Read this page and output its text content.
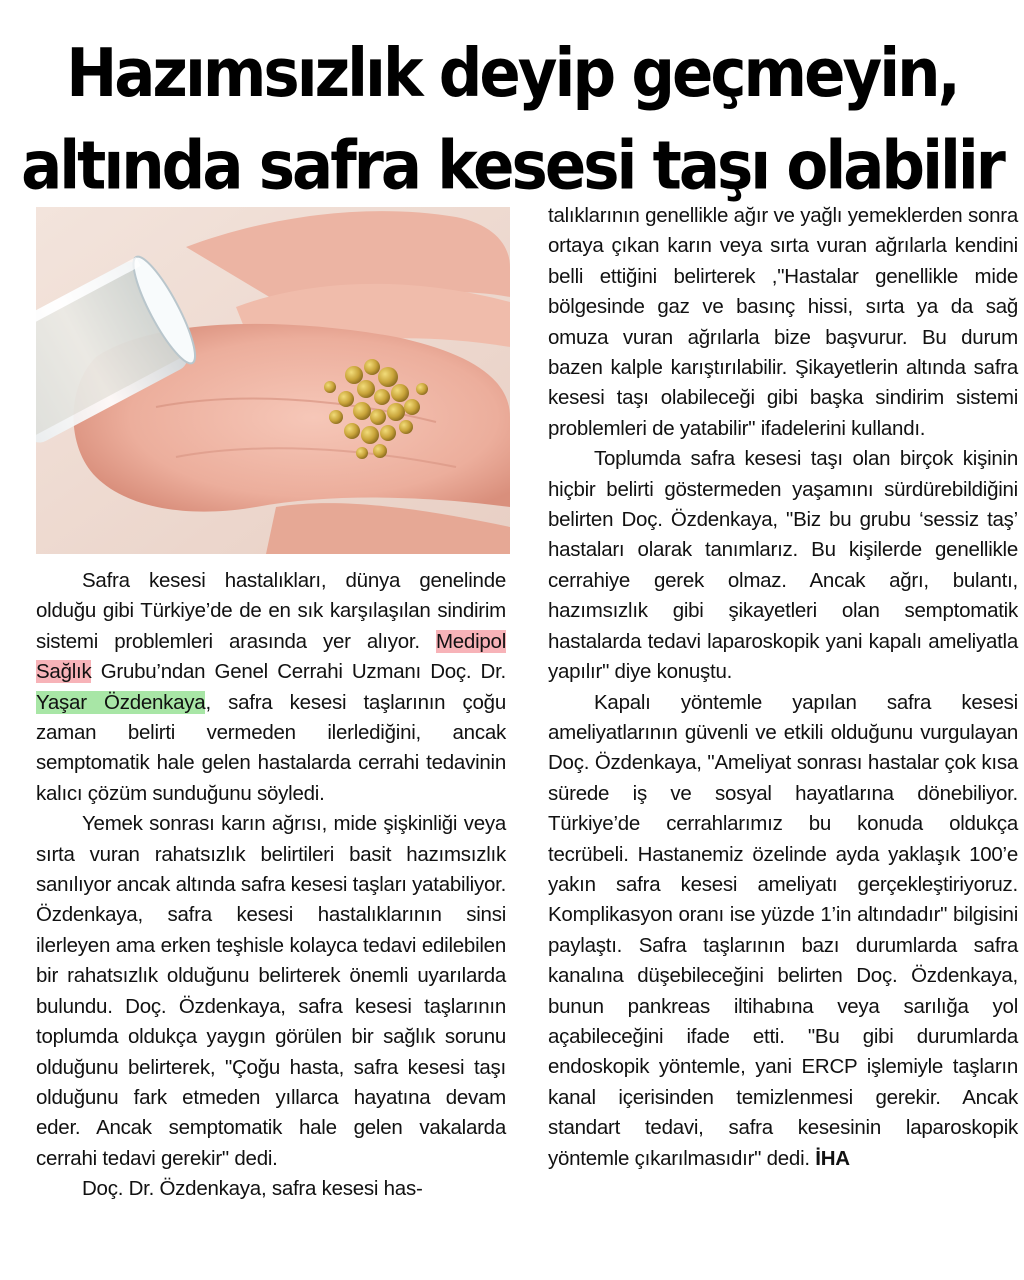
Hazımsızlık deyip geçmeyin,
altında safra kesesi taşı olabilir

Safra kesesi hastalıkları, dünya genelinde olduğu gibi Türkiye’de de en sık karşılaşılan sindirim sistemi problemleri arasında yer alıyor. Medipol Sağlık Grubu’ndan Genel Cerrahi Uzmanı Doç. Dr. Yaşar Özdenkaya, safra kesesi taşlarının çoğu zaman belirti vermeden ilerlediğini, ancak semptomatik hale gelen hastalarda cerrahi tedavinin kalıcı çözüm sunduğunu söyledi.

Yemek sonrası karın ağrısı, mide şişkinliği veya sırta vuran rahatsızlık belirtileri basit hazımsızlık sanılıyor ancak altında safra kesesi taşları yatabiliyor. Özdenkaya, safra kesesi hastalıklarının sinsi ilerleyen ama erken teşhisle kolayca tedavi edilebilen bir rahatsızlık olduğunu belirterek önemli uyarılarda bulundu. Doç. Özdenkaya, safra kesesi taşlarının toplumda oldukça yaygın görülen bir sağlık sorunu olduğunu belirterek, "Çoğu hasta, safra kesesi taşı olduğunu fark etmeden yıllarca hayatına devam eder. Ancak semptomatik hale gelen vakalarda cerrahi tedavi gerekir" dedi.

Doç. Dr. Özdenkaya, safra kesesi has-

talıklarının genellikle ağır ve yağlı yemeklerden sonra ortaya çıkan karın veya sırta vuran ağrılarla kendini belli ettiğini belirterek ,"Hastalar genellikle mide bölgesinde gaz ve basınç hissi, sırta ya da sağ omuza vuran ağrılarla bize başvurur. Bu durum bazen kalple karıştırılabilir. Şikayetlerin altında safra kesesi taşı olabileceği gibi başka sindirim sistemi problemleri de yatabilir" ifadelerini kullandı.

Toplumda safra kesesi taşı olan birçok kişinin hiçbir belirti göstermeden yaşamını sürdürebildiğini belirten Doç. Özdenkaya, "Biz bu grubu ‘sessiz taş’ hastaları olarak tanımlarız. Bu kişilerde genellikle cerrahiye gerek olmaz. Ancak ağrı, bulantı, hazımsızlık gibi şikayetleri olan semptomatik hastalarda tedavi laparoskopik yani kapalı ameliyatla yapılır" diye konuştu.

Kapalı yöntemle yapılan safra kesesi ameliyatlarının güvenli ve etkili olduğunu vurgulayan Doç. Özdenkaya, "Ameliyat sonrası hastalar çok kısa sürede iş ve sosyal hayatlarına dönebiliyor. Türkiye’de cerrahlarımız bu konuda oldukça tecrübeli. Hastanemiz özelinde ayda yaklaşık 100’e yakın safra kesesi ameliyatı gerçekleştiriyoruz. Komplikasyon oranı ise yüzde 1’in altındadır" bilgisini paylaştı. Safra taşlarının bazı durumlarda safra kanalına düşebileceğini belirten Doç. Özdenkaya, bunun pankreas iltihabına veya sarılığa yol açabileceğini ifade etti. "Bu gibi durumlarda endoskopik yöntemle, yani ERCP işlemiyle taşların kanal içerisinden temizlenmesi gerekir. Ancak standart tedavi, safra kesesinin laparoskopik yöntemle çıkarılmasıdır" dedi. İHA
